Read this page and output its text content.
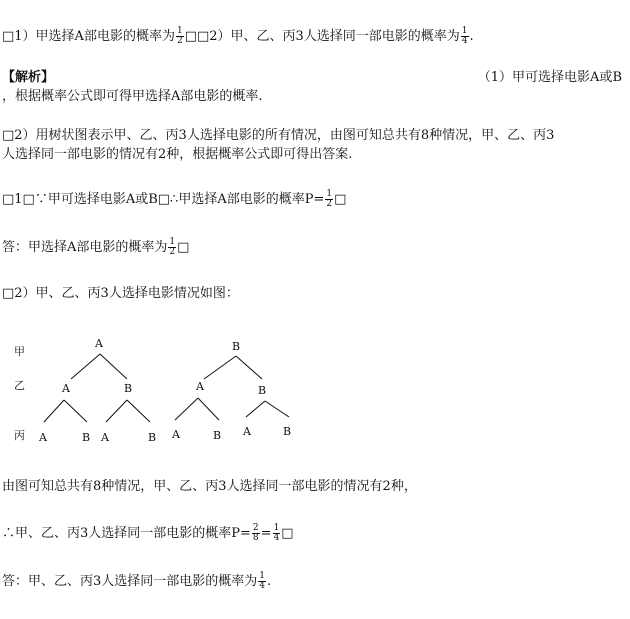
□1）甲选择A部电影的概率为 $\frac{1}{2}$ □□2）甲、乙、丙3人选择同一部电影的概率为 $\frac{1}{4}$ .
【解析】	（1）甲可选择电影A或B
，根据概率公式即可得甲选择A部电影的概率.
□2）用树状图表示甲、乙、丙3人选择电影的所有情况，由图可知总共有8种情况，甲、乙、丙3
人选择同一部电影的情况有2种，根据概率公式即可得出答案.
□1□∵甲可选择电影A或B□∴甲选择A部电影的概率$P= \frac{1}{2}$ □
答：甲选择A部电影的概率为 $\frac{1}{2}$ □
□2）甲、乙、丙3人选择电影情况如图：
甲
乙
丙
A
A	B
A	B A	B
B
A	B
A	B A	B
由图可知总共有8种情况，甲、乙、丙3人选择同一部电影的情况有2种，
∴甲、乙、丙3人选择同一部电影的概率$P= \frac{2}{8} = \frac{1}{4}$ □
答：甲、乙、丙3人选择同一部电影的概率为 $\frac{1}{4}$ .
